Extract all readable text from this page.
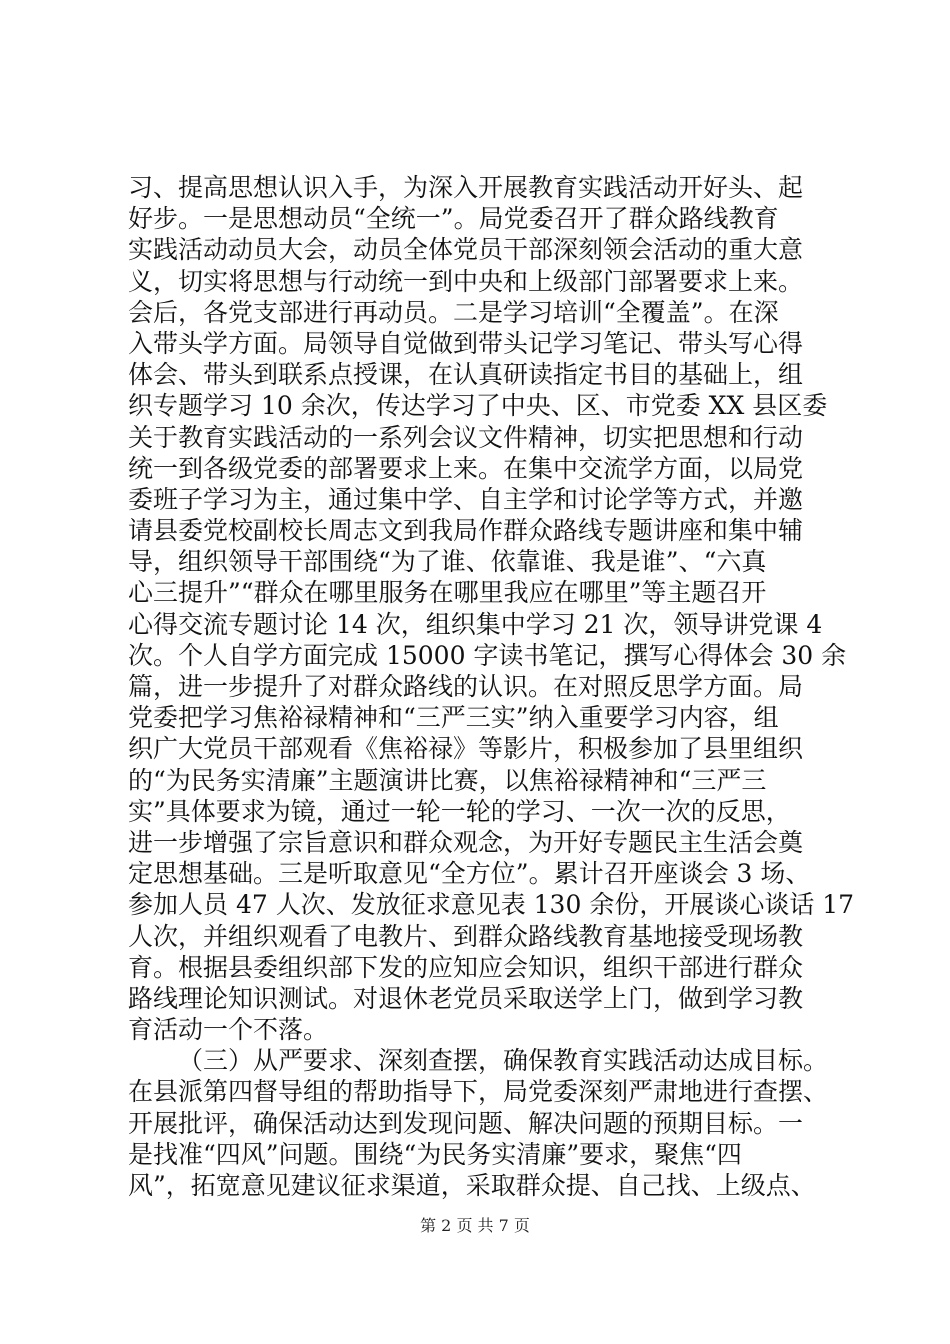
习、提高思想认识入手，为深入开展教育实践活动开好头、起
好步。一是思想动员“全统一”。局党委召开了群众路线教育
实践活动动员大会，动员全体党员干部深刻领会活动的重大意
义，切实将思想与行动统一到中央和上级部门部署要求上来。
会后，各党支部进行再动员。二是学习培训“全覆盖”。在深
入带头学方面。局领导自觉做到带头记学习笔记、带头写心得
体会、带头到联系点授课，在认真研读指定书目的基础上，组
织专题学习 10 余次，传达学习了中央、区、市党委 XX 县区委
关于教育实践活动的一系列会议文件精神，切实把思想和行动
统一到各级党委的部署要求上来。在集中交流学方面，以局党
委班子学习为主，通过集中学、自主学和讨论学等方式，并邀
请县委党校副校长周志文到我局作群众路线专题讲座和集中辅
导，组织领导干部围绕“为了谁、依靠谁、我是谁”、“六真
心三提升”“群众在哪里服务在哪里我应在哪里”等主题召开
心得交流专题讨论 14 次，组织集中学习 21 次，领导讲党课 4
次。个人自学方面完成 15000 字读书笔记，撰写心得体会 30 余
篇，进一步提升了对群众路线的认识。在对照反思学方面。局
党委把学习焦裕禄精神和“三严三实”纳入重要学习内容，组
织广大党员干部观看《焦裕禄》等影片，积极参加了县里组织
的“为民务实清廉”主题演讲比赛，以焦裕禄精神和“三严三
实”具体要求为镜，通过一轮一轮的学习、一次一次的反思，
进一步增强了宗旨意识和群众观念，为开好专题民主生活会奠
定思想基础。三是听取意见“全方位”。累计召开座谈会 3 场、
参加人员 47 人次、发放征求意见表 130 余份，开展谈心谈话 17
人次，并组织观看了电教片、到群众路线教育基地接受现场教
育。根据县委组织部下发的应知应会知识，组织干部进行群众
路线理论知识测试。对退休老党员采取送学上门，做到学习教
育活动一个不落。
（三）从严要求、深刻查摆，确保教育实践活动达成目标。
在县派第四督导组的帮助指导下，局党委深刻严肃地进行查摆、
开展批评，确保活动达到发现问题、解决问题的预期目标。一
是找准“四风”问题。围绕“为民务实清廉”要求，聚焦“四
风”，拓宽意见建议征求渠道，采取群众提、自己找、上级点、
第 2 页 共 7 页
